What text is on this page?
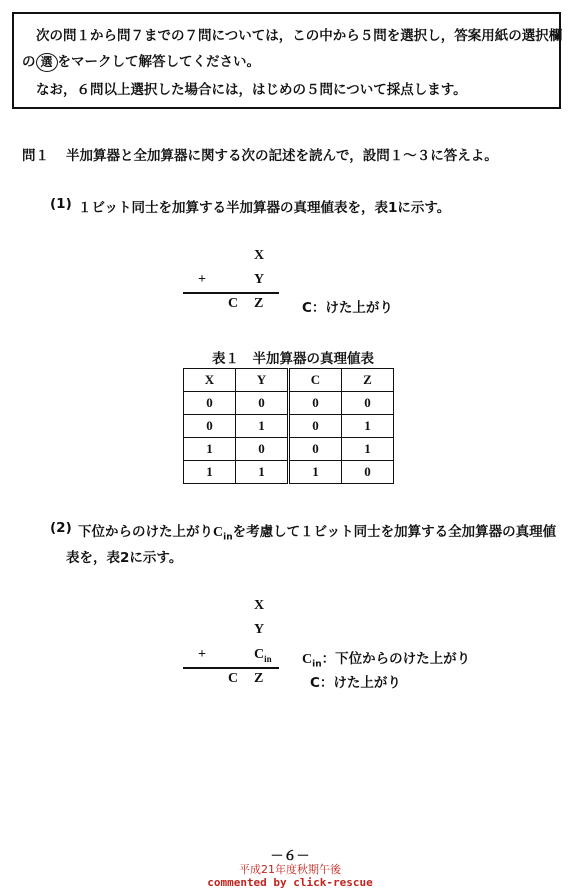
次の問１から問７までの７問については，この中から５問を選択し，答案用紙の選択欄
の 選 をマークして解答してください。
なお，６問以上選択した場合には，はじめの５問について採点します。
問１ 半加算器と全加算器に関する次の記述を読んで，設問１～３に答えよ。
(1) １ビット同士を加算する半加算器の真理値表を，表1に示す。
X
+	Y
C Z	C：けた上がり
表１　半加算器の真理値表
X	Y	C	Z
0	0	0	0
0	1	0	1
1	0	0	1
1	1	1	0
(2) 下位からのけた上がり$C_{in}$を考慮して１ビット同士を加算する全加算器の真理値
表を，表2に示す。
X
Y
+	$C_{in}$ $C_{in}$：下位からのけた上がり
C Z	C：けた上がり
－６－
平成21年度秋期午後
commented by click-rescue
